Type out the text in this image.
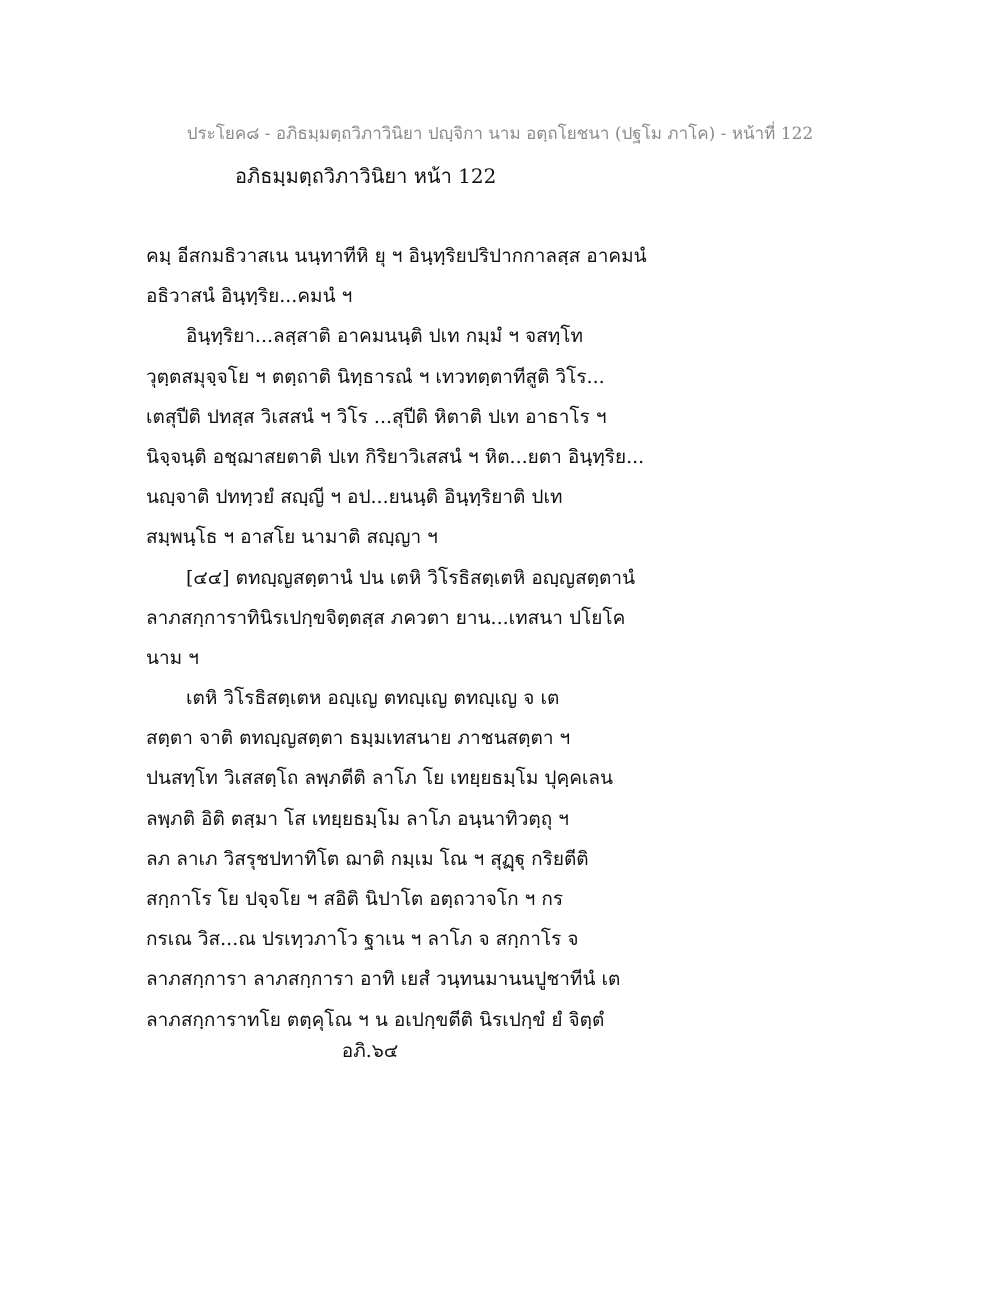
ประโยค๘ - อภิธมฺมตฺถวิภาวินิยา ปญฺจิกา นาม อตฺถโยชนา (ปฐโม ภาโค) - หน้าที่ 122
อภิธมฺมตฺถวิภาวินิยา หน้า 122
คมฺ อีสกมธิวาสเน นนฺทาทีหิ ยุ ฯ อินฺทฺริยปริปากกาลสฺส อาคมนํ
อธิวาสนํ อินฺทฺริย...คมนํ ฯ
อินฺทฺริยา...ลสฺสาติ อาคมนนฺติ ปเท กมฺมํ ฯ จสทฺโท
วุตฺตสมุจฺจโย ฯ ตตฺถาติ นิทฺธารณํ ฯ เทวทตฺตาทีสูติ วิโร...
เตสุปีติ ปทสฺส วิเสสนํ ฯ วิโร ...สุปีติ หิตาติ ปเท อาธาโร ฯ
นิจฺจนฺติ อชฺฌาสยตาติ ปเท กิริยาวิเสสนํ ฯ หิต...ยตา อินฺทฺริย...
นญฺจาติ ปททฺวยํ สญฺญี ฯ อป...ยนนฺติ อินฺทฺริยาติ ปเท
สมฺพนฺโธ ฯ อาสโย นามาติ สญฺญา ฯ
[๔๔] ตทญฺญสตฺตานํ ปน เตหิ วิโรธิสตฺเตหิ อญฺญสตฺตานํ
ลาภสกฺการาทินิรเปกฺขจิตฺตสฺส ภควตา ยาน...เทสนา ปโยโค
นาม ฯ
เตหิ วิโรธิสตฺเตห อญฺเญ ตทญฺเญ ตทญฺเญ จ เต
สตฺตา จาติ ตทญฺญสตฺตา ธมฺมเทสนาย ภาชนสตฺตา ฯ
ปนสทฺโท วิเสสตฺโถ ลพฺภตีติ ลาโภ โย เทยฺยธมฺโม ปุคฺคเลน
ลพฺภติ อิติ ตสฺมา โส เทยฺยธมฺโม ลาโภ อนฺนาทิวตฺถุ ฯ
ลภ ลาเภ วิสรุชปทาทิโต ฌาติ กมฺเม โณ ฯ สุฏฺฐุ กริยตีติ
สกฺกาโร โย ปจฺจโย ฯ สอิติ นิปาโต อตฺถวาจโก ฯ กร
กรเณ วิส...ณ ปรเทฺวภาโว ฐาเน ฯ ลาโภ จ สกฺกาโร จ
ลาภสกฺการา ลาภสกฺการา อาทิ เยสํ วนฺทนมานนปูชาทีนํ เต
ลาภสกฺการาทโย ตตฺคุโณ ฯ น อเปกฺขตีติ นิรเปกฺขํ ยํ จิตฺตํ
อภิ.๖๔
